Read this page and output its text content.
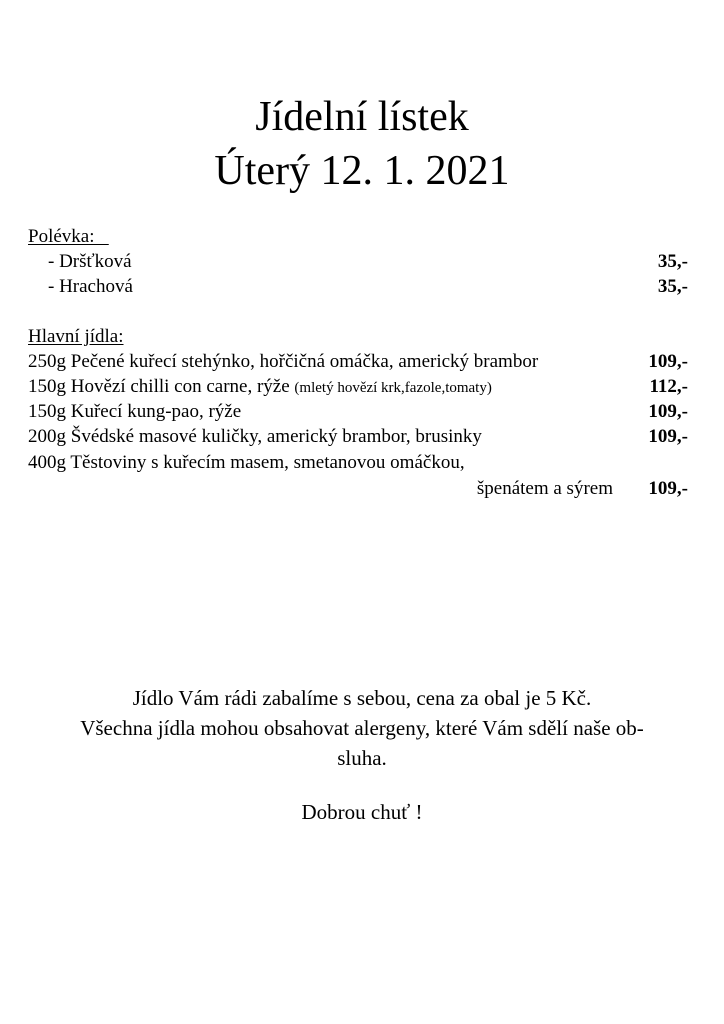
Jídelní lístek
Úterý 12. 1. 2021
Polévka:
- Dršťková	35,-
- Hrachová	35,-
Hlavní jídla:
250g Pečené kuřecí stehýnko, hořčičná omáčka, americký brambor	109,-
150g Hovězí chilli con carne, rýže (mletý hovězí krk,fazole,tomaty)	112,-
150g Kuřecí kung-pao, rýže	109,-
200g Švédské masové kuličky, americký brambor, brusinky	109,-
400g Těstoviny s kuřecím masem, smetanovou omáčkou,
špenátem a sýrem 109,-
Jídlo Vám rádi zabalíme s sebou, cena za obal je 5 Kč.
Všechna jídla mohou obsahovat alergeny, které Vám sdělí naše ob-
sluha.
Dobrou chuť !
